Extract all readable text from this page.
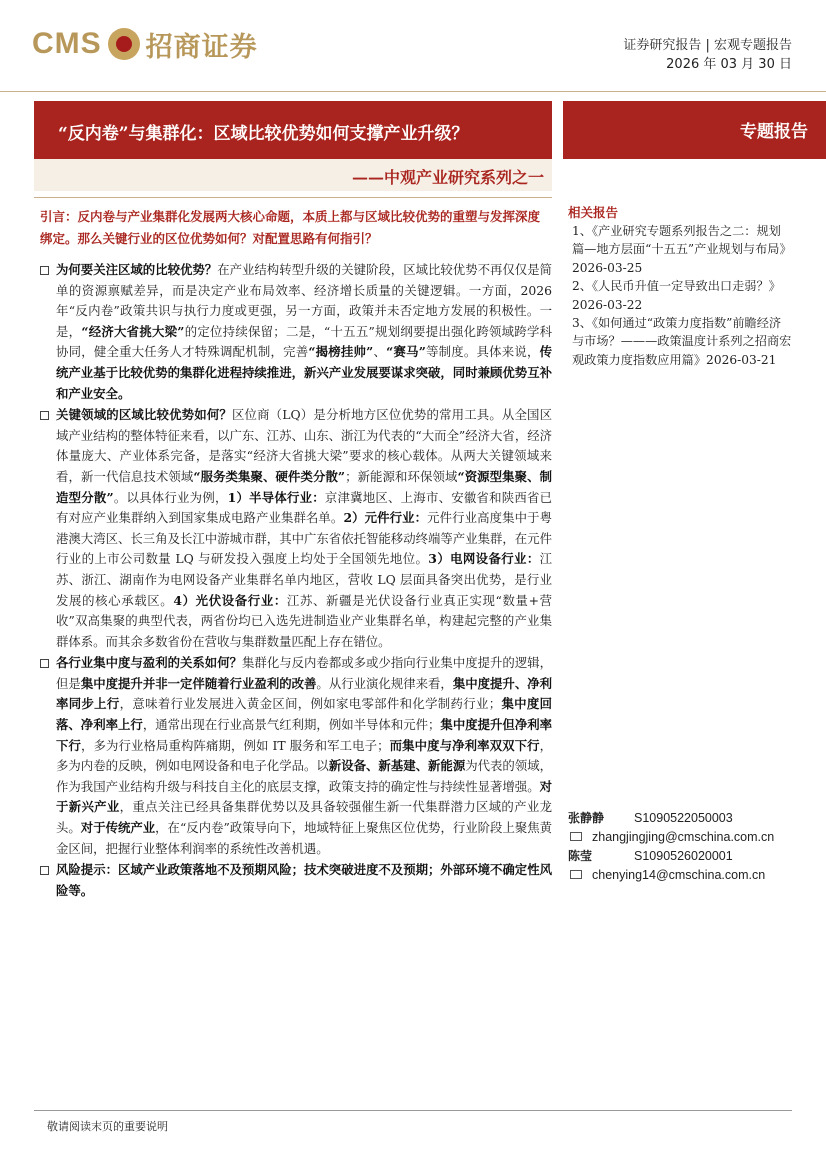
CMS 招商证券	证券研究报告 | 宏观专题报告
2026 年 03 月 30 日
“反内卷”与集群化：区域比较优势如何支撑产业升级？
——中观产业研究系列之一
专题报告
引言：反内卷与产业集群化发展两大核心命题，本质上都与区域比较优势的重塑与发挥深度绑定。那么关键行业的区位优势如何？对配置思路有何指引？
为何要关注区域的比较优势？在产业结构转型升级的关键阶段，区域比较优势不再仅仅是简单的资源禀赋差异，而是决定产业布局效率、经济增长质量的关键逻辑。一方面，2026 年“反内卷”政策共识与执行力度或更强，另一方面，政策并未否定地方发展的积极性。一是，“经济大省挑大梁”的定位持续保留；二是，“十五五”规划纲要提出强化跨领域跨学科协同，健全重大任务人才特殊调配机制，完善“揭榜挂帅”、“赛马”等制度。具体来说，传统产业基于比较优势的集群化进程持续推进，新兴产业发展要谋求突破，同时兼顾优势互补和产业安全。
关键领域的区域比较优势如何？区位商（LQ）是分析地方区位优势的常用工具。从全国区域产业结构的整体特征来看，以广东、江苏、山东、浙江为代表的“大而全”经济大省，经济体量庞大、产业体系完备，是落实“经济大省挑大梁”要求的核心载体。从两大关键领域来看，新一代信息技术领域“服务类集聚、硬件类分散”；新能源和环保领域“资源型集聚、制造型分散”。以具体行业为例，1）半导体行业：京津冀地区、上海市、安徽省和陕西省已有对应产业集群纳入到国家集成电路产业集群名单。2）元件行业：元件行业高度集中于粤港澳大湾区、长三角及长江中游城市群，其中广东省依托智能移动终端等产业集群，在元件行业的上市公司数量 LQ 与研发投入强度上均处于全国领先地位。3）电网设备行业：江苏、浙江、湖南作为电网设备产业集群名单内地区，营收 LQ 层面具备突出优势，是行业发展的核心承载区。4）光伏设备行业：江苏、新疆是光伏设备行业真正实现“数量+营收”双高集聚的典型代表，两省份均已入选先进制造业产业集群名单，构建起完整的产业集群体系。而其余多数省份在营收与集群数量匹配上存在错位。
各行业集中度与盈利的关系如何？集群化与反内卷都或多或少指向行业集中度提升的逻辑，但是集中度提升并非一定伴随着行业盈利的改善。从行业演化规律来看，集中度提升、净利率同步上行，意味着行业发展进入黄金区间，例如家电零部件和化学制药行业；集中度回落、净利率上行，通常出现在行业高景气红利期，例如半导体和元件；集中度提升但净利率下行，多为行业格局重构阵痛期，例如 IT 服务和军工电子；而集中度与净利率双双下行，多为内卷的反映，例如电网设备和电子化学品。以新设备、新基建、新能源为代表的领域，作为我国产业结构升级与科技自主化的底层支撑，政策支持的确定性与持续性显著增强。对于新兴产业，重点关注已经具备集群优势以及具备较强催生新一代集群潜力区域的产业龙头。对于传统产业，在“反内卷”政策导向下，地域特征上聚焦区位优势，行业阶段上聚焦黄金区间，把握行业整体利润率的系统性改善机遇。
风险提示：区域产业政策落地不及预期风险；技术突破进度不及预期；外部环境不确定性风险等。
相关报告
1、《产业研究专题系列报告之二：规划篇—地方层面“十五五”产业规划与布局》2026-03-25
2、《人民币升值一定导致出口走弱？》2026-03-22
3、《如何通过“政策力度指数”前瞻经济与市场？———政策温度计系列之招商宏观政策力度指数应用篇》2026-03-21
张静静	S1090522050003
zhangjingjing@cmschina.com.cn
陈莹	S1090526020001
chenying14@cmschina.com.cn
敬请阅读末页的重要说明
